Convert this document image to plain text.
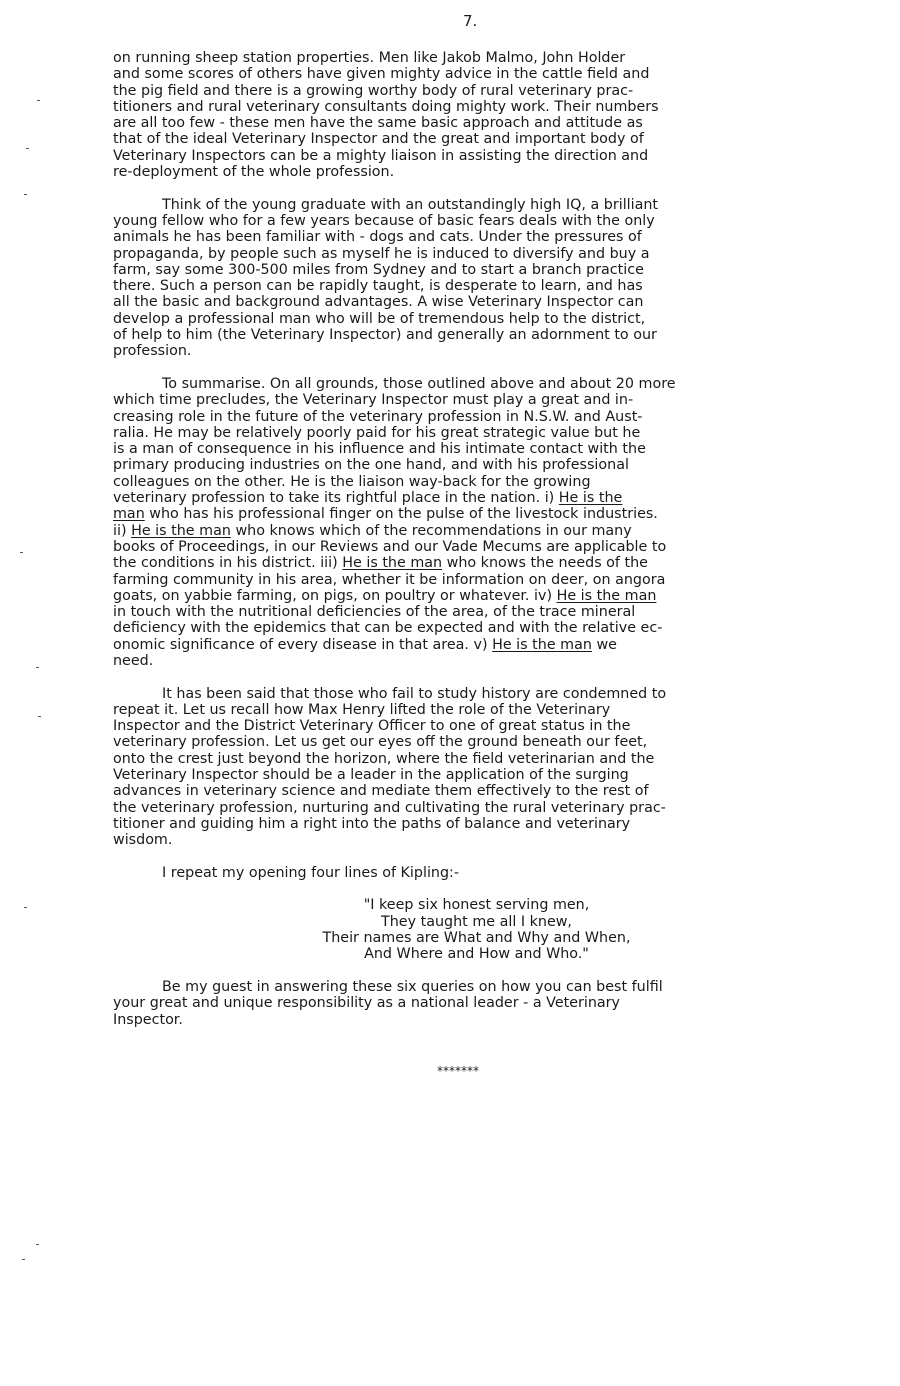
7.
on running sheep station properties. Men like Jakob Malmo, John Holder
and some scores of others have given mighty advice in the cattle field and
the pig field and there is a growing worthy body of rural veterinary prac-
titioners and rural veterinary consultants doing mighty work. Their numbers
are all too few - these men have the same basic approach and attitude as
that of the ideal Veterinary Inspector and the great and important body of
Veterinary Inspectors can be a mighty liaison in assisting the direction and
re-deployment of the whole profession.
Think of the young graduate with an outstandingly high IQ, a brilliant
young fellow who for a few years because of basic fears deals with the only
animals he has been familiar with - dogs and cats. Under the pressures of
propaganda, by people such as myself he is induced to diversify and buy a
farm, say some 300-500 miles from Sydney and to start a branch practice
there. Such a person can be rapidly taught, is desperate to learn, and has
all the basic and background advantages. A wise Veterinary Inspector can
develop a professional man who will be of tremendous help to the district,
of help to him (the Veterinary Inspector) and generally an adornment to our
profession.
To summarise. On all grounds, those outlined above and about 20 more
which time precludes, the Veterinary Inspector must play a great and in-
creasing role in the future of the veterinary profession in N.S.W. and Aust-
ralia. He may be relatively poorly paid for his great strategic value but he
is a man of consequence in his influence and his intimate contact with the
primary producing industries on the one hand, and with his professional
colleagues on the other. He is the liaison way-back for the growing
veterinary profession to take its rightful place in the nation. i) He is the
man who has his professional finger on the pulse of the livestock industries.
ii) He is the man who knows which of the recommendations in our many
books of Proceedings, in our Reviews and our Vade Mecums are applicable to
the conditions in his district. iii) He is the man who knows the needs of the
farming community in his area, whether it be information on deer, on angora
goats, on yabbie farming, on pigs, on poultry or whatever. iv) He is the man
in touch with the nutritional deficiencies of the area, of the trace mineral
deficiency with the epidemics that can be expected and with the relative ec-
onomic significance of every disease in that area. v) He is the man we
need.
It has been said that those who fail to study history are condemned to
repeat it. Let us recall how Max Henry lifted the role of the Veterinary
Inspector and the District Veterinary Officer to one of great status in the
veterinary profession. Let us get our eyes off the ground beneath our feet,
onto the crest just beyond the horizon, where the field veterinarian and the
Veterinary Inspector should be a leader in the application of the surging
advances in veterinary science and mediate them effectively to the rest of
the veterinary profession, nurturing and cultivating the rural veterinary prac-
titioner and guiding him a right into the paths of balance and veterinary
wisdom.
I repeat my opening four lines of Kipling:-
"I keep six honest serving men,
They taught me all I knew,
Their names are What and Why and When,
And Where and How and Who."
Be my guest in answering these six queries on how you can best fulfil
your great and unique responsibility as a national leader - a Veterinary
Inspector.
*******
